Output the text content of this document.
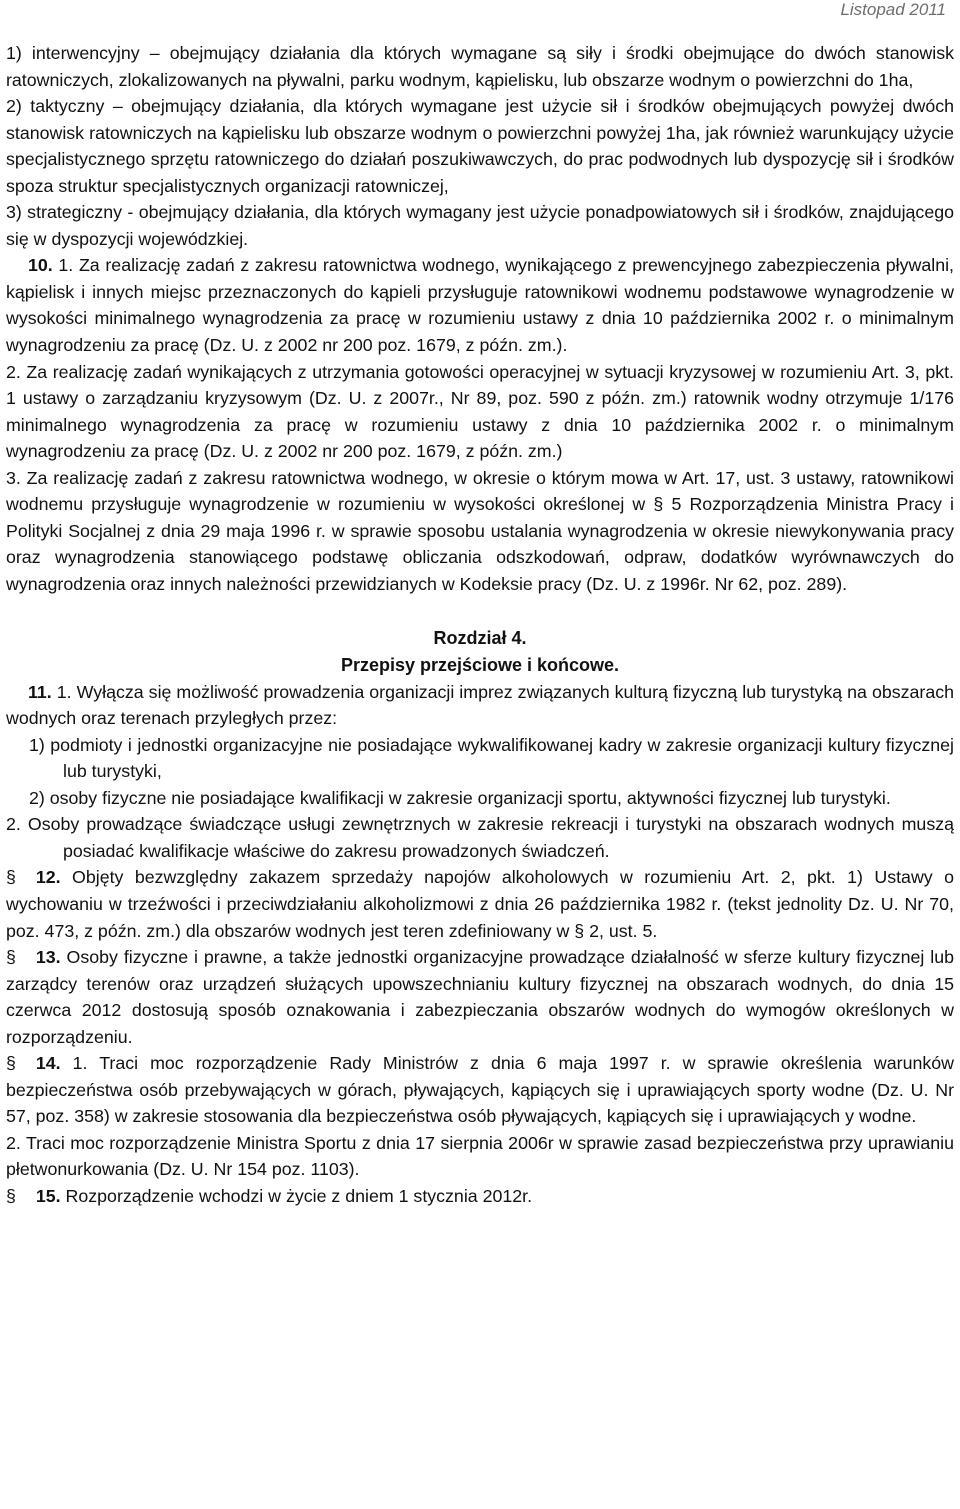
Listopad 2011

1) interwencyjny – obejmujący działania dla których wymagane są siły i środki obejmujące do dwóch stanowisk ratowniczych, zlokalizowanych na pływalni, parku wodnym, kąpielisku, lub obszarze wodnym o powierzchni do 1ha,

2) taktyczny – obejmujący działania, dla których wymagane jest użycie sił i środków obejmujących powyżej dwóch stanowisk ratowniczych na kąpielisku lub obszarze wodnym o powierzchni powyżej 1ha, jak również warunkujący użycie specjalistycznego sprzętu ratowniczego do działań poszukiwawczych, do prac podwodnych lub dyspozycję sił i środków spoza struktur specjalistycznych organizacji ratowniczej,

3) strategiczny - obejmujący działania, dla których wymagany jest użycie ponadpowiatowych sił i środków, znajdującego się w dyspozycji wojewódzkiej.

10. 1. Za realizację zadań z zakresu ratownictwa wodnego, wynikającego z prewencyjnego zabezpieczenia pływalni, kąpielisk i innych miejsc przeznaczonych do kąpieli przysługuje ratownikowi wodnemu podstawowe wynagrodzenie w wysokości minimalnego wynagrodzenia za pracę w rozumieniu ustawy z dnia 10 października 2002 r. o minimalnym wynagrodzeniu za pracę (Dz. U. z 2002 nr 200 poz. 1679, z późn. zm.).

2. Za realizację zadań wynikających z utrzymania gotowości operacyjnej w sytuacji kryzysowej w rozumieniu Art. 3, pkt. 1 ustawy o zarządzaniu kryzysowym (Dz. U. z 2007r., Nr 89, poz. 590 z późn. zm.) ratownik wodny otrzymuje 1/176 minimalnego wynagrodzenia za pracę w rozumieniu ustawy z dnia 10 października 2002 r. o minimalnym wynagrodzeniu za pracę (Dz. U. z 2002 nr 200 poz. 1679, z późn. zm.)

3. Za realizację zadań z zakresu ratownictwa wodnego, w okresie o którym mowa w Art. 17, ust. 3 ustawy, ratownikowi wodnemu przysługuje wynagrodzenie w rozumieniu w wysokości określonej w § 5 Rozporządzenia Ministra Pracy i Polityki Socjalnej z dnia 29 maja 1996 r. w sprawie sposobu ustalania wynagrodzenia w okresie niewykonywania pracy oraz wynagrodzenia stanowiącego podstawę obliczania odszkodowań, odpraw, dodatków wyrównawczych do wynagrodzenia oraz innych należności przewidzianych w Kodeksie pracy (Dz. U. z 1996r. Nr 62, poz. 289).

Rozdział 4.

Przepisy przejściowe i końcowe.

11. 1. Wyłącza się możliwość prowadzenia organizacji imprez związanych kulturą fizyczną lub turystyką na obszarach wodnych oraz terenach przyległych przez:

1) podmioty i jednostki organizacyjne nie posiadające wykwalifikowanej kadry w zakresie organizacji kultury fizycznej lub turystyki,

2) osoby fizyczne nie posiadające kwalifikacji w zakresie organizacji sportu, aktywności fizycznej lub turystyki.

2. Osoby prowadzące świadczące usługi zewnętrznych w zakresie rekreacji i turystyki na obszarach wodnych muszą posiadać kwalifikacje właściwe do zakresu prowadzonych świadczeń.

§ 12. Objęty bezwzględny zakazem sprzedaży napojów alkoholowych w rozumieniu Art. 2, pkt. 1) Ustawy o wychowaniu w trzeźwości i przeciwdziałaniu alkoholizmowi z dnia 26 października 1982 r. (tekst jednolity Dz. U. Nr 70, poz. 473, z późn. zm.) dla obszarów wodnych jest teren zdefiniowany w § 2, ust. 5.

§ 13. Osoby fizyczne i prawne, a także jednostki organizacyjne prowadzące działalność w sferze kultury fizycznej lub zarządcy terenów oraz urządzeń służących upowszechnianiu kultury fizycznej na obszarach wodnych, do dnia 15 czerwca 2012 dostosują sposób oznakowania i zabezpieczania obszarów wodnych do wymogów określonych w rozporządzeniu.

§ 14. 1. Traci moc rozporządzenie Rady Ministrów z dnia 6 maja 1997 r. w sprawie określenia warunków bezpieczeństwa osób przebywających w górach, pływających, kąpiących się i uprawiających sporty wodne (Dz. U. Nr 57, poz. 358) w zakresie stosowania dla bezpieczeństwa osób pływających, kąpiących się i uprawiających y wodne.

2. Traci moc rozporządzenie Ministra Sportu z dnia 17 sierpnia 2006r w sprawie zasad bezpieczeństwa przy uprawianiu płetwonurkowania (Dz. U. Nr 154 poz. 1103).

§ 15. Rozporządzenie wchodzi w życie z dniem 1 stycznia 2012r.
